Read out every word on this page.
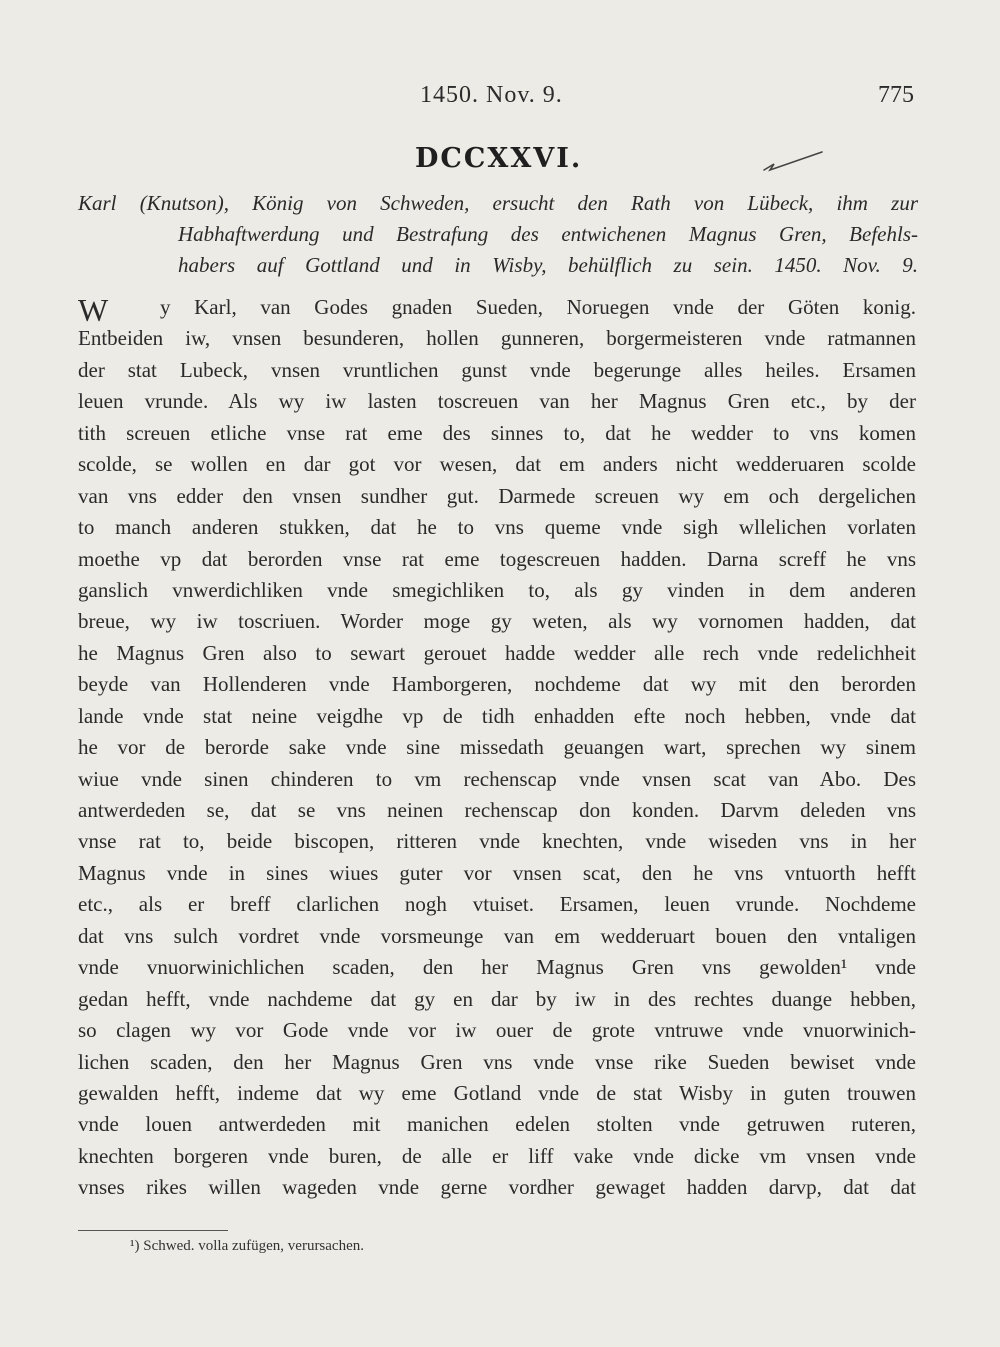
1450. Nov. 9.	775
DCCXXVI.
Karl (Knutson), König von Schweden, ersucht den Rath von Lübeck, ihm zur
Habhaftwerdung und Bestrafung des entwichenen Magnus Gren, Befehls-
habers auf Gottland und in Wisby, behülflich zu sein. 1450. Nov. 9.
W	y Karl, van Godes gnaden Sueden, Noruegen vnde der Göten konig.
Entbeiden iw, vnsen besunderen, hollen gunneren, borgermeisteren vnde ratmannen
der stat Lubeck, vnsen vruntlichen gunst vnde begerunge alles heiles. Ersamen
leuen vrunde. Als wy iw lasten toscreuen van her Magnus Gren etc., by der
tith screuen etliche vnse rat eme des sinnes to, dat he wedder to vns komen
scolde, se wollen en dar got vor wesen, dat em anders nicht wedderuaren scolde
van vns edder den vnsen sundher gut. Darmede screuen wy em och dergelichen
to manch anderen stukken, dat he to vns queme vnde sigh wllelichen vorlaten
moethe vp dat berorden vnse rat eme togescreuen hadden. Darna screff he vns
ganslich vnwerdichliken vnde smegichliken to, als gy vinden in dem anderen
breue, wy iw toscriuen. Worder moge gy weten, als wy vornomen hadden, dat
he Magnus Gren also to sewart gerouet hadde wedder alle rech vnde redelichheit
beyde van Hollenderen vnde Hamborgeren, nochdeme dat wy mit den berorden
lande vnde stat neine veigdhe vp de tidh enhadden efte noch hebben, vnde dat
he vor de berorde sake vnde sine missedath geuangen wart, sprechen wy sinem
wiue vnde sinen chinderen to vm rechenscap vnde vnsen scat van Abo. Des
antwerdeden se, dat se vns neinen rechenscap don konden. Darvm deleden vns
vnse rat to, beide biscopen, ritteren vnde knechten, vnde wiseden vns in her
Magnus vnde in sines wiues guter vor vnsen scat, den he vns vntuorth hefft
etc., als er breff clarlichen nogh vtuiset. Ersamen, leuen vrunde. Nochdeme
dat vns sulch vordret vnde vorsmeunge van em wedderuart bouen den vntaligen
vnde vnuorwinichlichen scaden, den her Magnus Gren vns gewolden¹ vnde
gedan hefft, vnde nachdeme dat gy en dar by iw in des rechtes duange hebben,
so clagen wy vor Gode vnde vor iw ouer de grote vntruwe vnde vnuorwinich-
lichen scaden, den her Magnus Gren vns vnde vnse rike Sueden bewiset vnde
gewalden hefft, indeme dat wy eme Gotland vnde de stat Wisby in guten trouwen
vnde louen antwerdeden mit manichen edelen stolten vnde getruwen ruteren,
knechten borgeren vnde buren, de alle er liff vake vnde dicke vm vnsen vnde
vnses rikes willen wageden vnde gerne vordher gewaget hadden darvp, dat dat
¹) Schwed. volla zufügen, verursachen.
